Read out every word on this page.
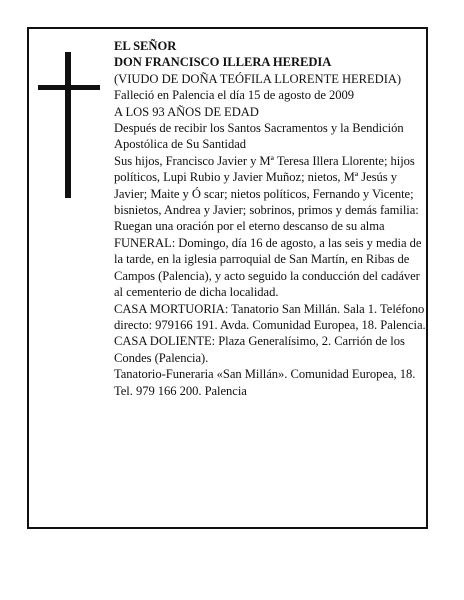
EL SEÑOR

DON FRANCISCO ILLERA HEREDIA

(VIUDO DE DOÑA TEÓFILA LLORENTE HEREDIA)

Falleció en Palencia el día 15 de agosto de 2009

A LOS 93 AÑOS DE EDAD

Después de recibir los Santos Sacramentos y la Bendición Apostólica de Su Santidad

Sus hijos, Francisco Javier y Mª Teresa Illera Llorente; hijos políticos, Lupi Rubio y Javier Muñoz; nietos, Mª Jesús y Javier; Maite y Ó scar; nietos políticos, Fernando y Vicente; bisnietos, Andrea y Javier; sobrinos, primos y demás familia:

Ruegan una oración por el eterno descanso de su alma

FUNERAL: Domingo, día 16 de agosto, a las seis y media de la tarde, en la iglesia parroquial de San Martín, en Ribas de Campos (Palencia), y acto seguido la conducción del cadáver al cementerio de dicha localidad.

CASA MORTUORIA: Tanatorio San Millán. Sala 1. Teléfono directo: 979166 191. Avda. Comunidad Europea, 18. Palencia.

CASA DOLIENTE: Plaza Generalísimo, 2. Carrión de los Condes (Palencia).

Tanatorio-Funeraria «San Millán». Comunidad Europea, 18. Tel. 979 166 200. Palencia
